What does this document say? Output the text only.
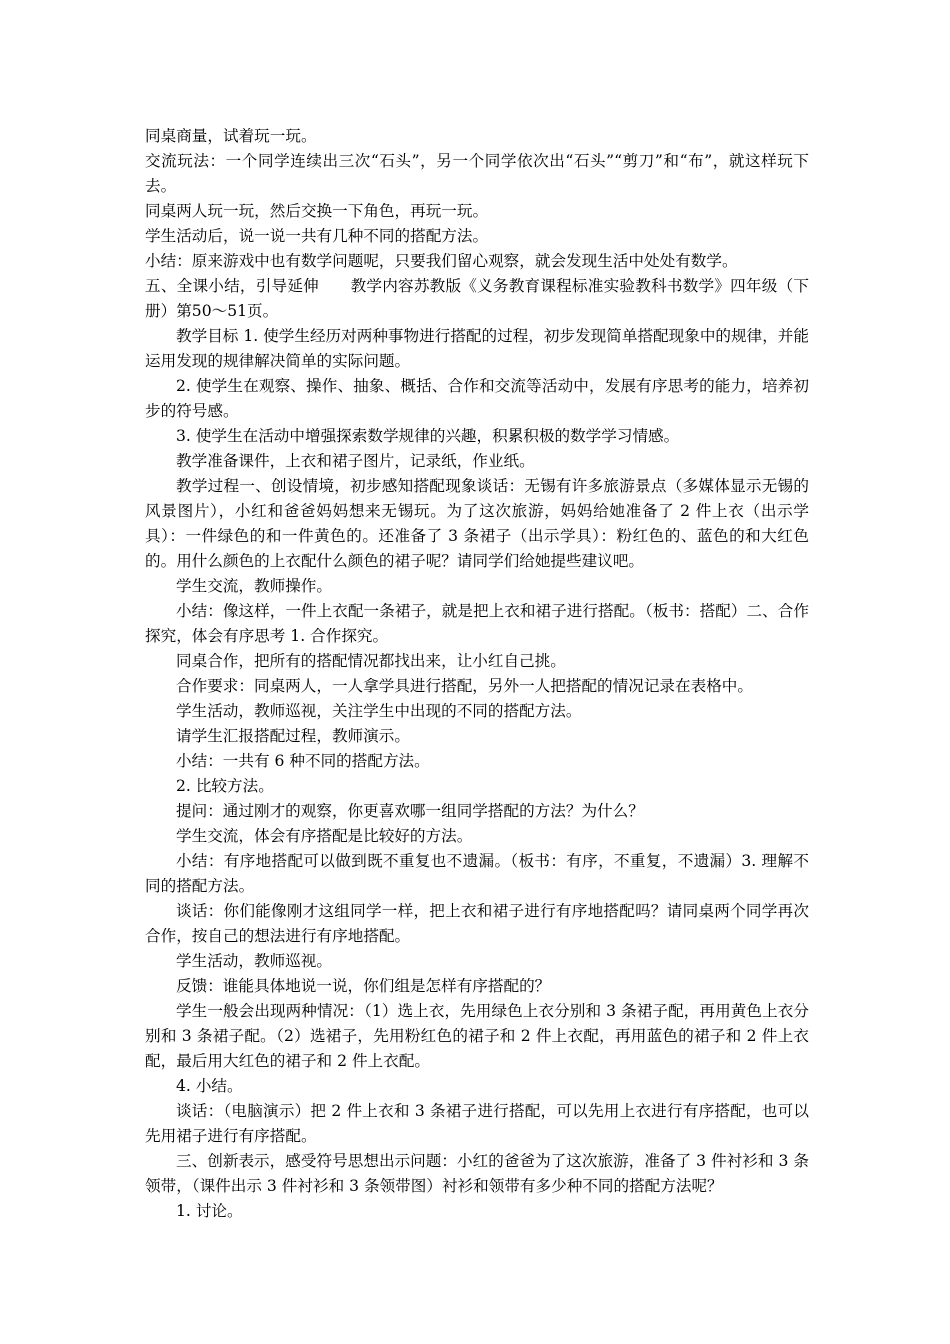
同桌商量，试着玩一玩。

交流玩法：一个同学连续出三次“石头”，另一个同学依次出“石头”“剪刀”和“布”，就这样玩下去。

同桌两人玩一玩，然后交换一下角色，再玩一玩。

学生活动后，说一说一共有几种不同的搭配方法。

小结：原来游戏中也有数学问题呢，只要我们留心观察，就会发现生活中处处有数学。

五、全课小结，引导延伸　　教学内容苏教版《义务教育课程标准实验教科书数学》四年级（下册）第50～51页。

教学目标 1. 使学生经历对两种事物进行搭配的过程，初步发现简单搭配现象中的规律，并能运用发现的规律解决简单的实际问题。

2. 使学生在观察、操作、抽象、概括、合作和交流等活动中，发展有序思考的能力，培养初步的符号感。

3. 使学生在活动中增强探索数学规律的兴趣，积累积极的数学学习情感。

教学准备课件，上衣和裙子图片，记录纸，作业纸。

教学过程一、创设情境，初步感知搭配现象谈话：无锡有许多旅游景点（多媒体显示无锡的风景图片），小红和爸爸妈妈想来无锡玩。为了这次旅游，妈妈给她准备了 2 件上衣（出示学具）：一件绿色的和一件黄色的。还准备了 3 条裙子（出示学具）：粉红色的、蓝色的和大红色的。用什么颜色的上衣配什么颜色的裙子呢？请同学们给她提些建议吧。

学生交流，教师操作。

小结：像这样，一件上衣配一条裙子，就是把上衣和裙子进行搭配。（板书：搭配）二、合作探究，体会有序思考 1. 合作探究。

同桌合作，把所有的搭配情况都找出来，让小红自己挑。

合作要求：同桌两人，一人拿学具进行搭配，另外一人把搭配的情况记录在表格中。

学生活动，教师巡视，关注学生中出现的不同的搭配方法。

请学生汇报搭配过程，教师演示。

小结：一共有 6 种不同的搭配方法。

2. 比较方法。

提问：通过刚才的观察，你更喜欢哪一组同学搭配的方法？为什么？

学生交流，体会有序搭配是比较好的方法。

小结：有序地搭配可以做到既不重复也不遗漏。（板书：有序，不重复，不遗漏）3. 理解不同的搭配方法。

谈话：你们能像刚才这组同学一样，把上衣和裙子进行有序地搭配吗？请同桌两个同学再次合作，按自己的想法进行有序地搭配。

学生活动，教师巡视。

反馈：谁能具体地说一说，你们组是怎样有序搭配的？

学生一般会出现两种情况：（1）选上衣，先用绿色上衣分别和 3 条裙子配，再用黄色上衣分别和 3 条裙子配。（2）选裙子，先用粉红色的裙子和 2 件上衣配，再用蓝色的裙子和 2 件上衣配，最后用大红色的裙子和 2 件上衣配。

4. 小结。

谈话：（电脑演示）把 2 件上衣和 3 条裙子进行搭配，可以先用上衣进行有序搭配，也可以先用裙子进行有序搭配。

三、创新表示，感受符号思想出示问题：小红的爸爸为了这次旅游，准备了 3 件衬衫和 3 条领带，（课件出示 3 件衬衫和 3 条领带图）衬衫和领带有多少种不同的搭配方法呢？

1. 讨论。
